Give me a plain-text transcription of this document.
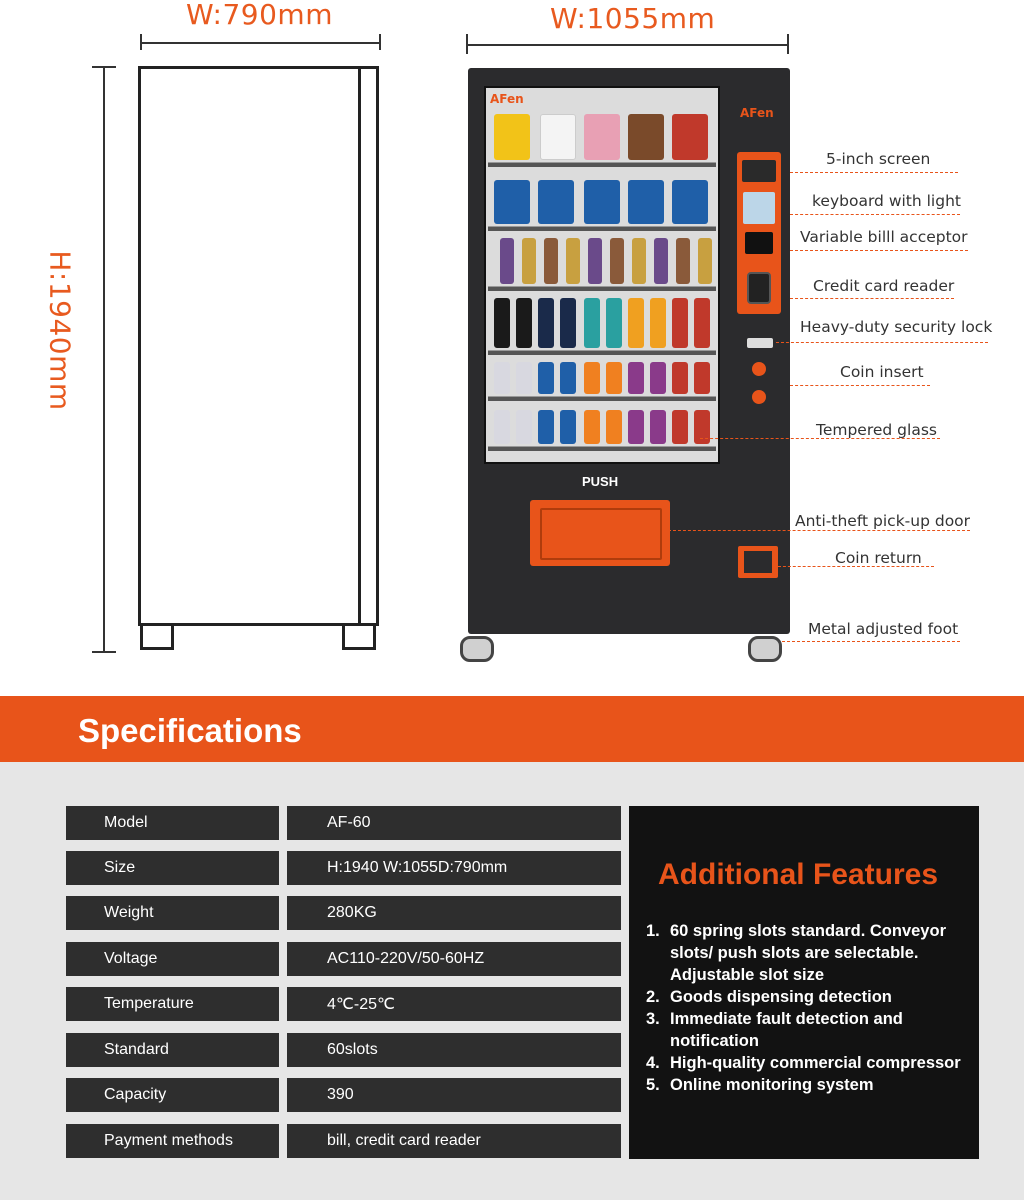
W:790mm	W:1055mm
H:1940mm
AFen
AFen
PUSH
5-inch screen
keyboard with light
Variable billl acceptor
Credit card reader
Heavy-duty security lock
Coin insert
Tempered glass
Anti-theft pick-up door
Coin return
Metal adjusted foot
Specifications
Model	AF-60
Size	H:1940 W:1055D:790mm
Weight	280KG
Voltage	AC110-220V/50-60HZ
Temperature	4℃-25℃
Standard	60slots
Capacity	390
Payment methods	bill, credit card reader
Additional Features
1. 60 spring slots standard. Conveyor slots/ push slots are selectable. Adjustable slot size
2. Goods dispensing detection
3. Immediate fault detection and notification
4. High-quality commercial compressor
5. Online monitoring system
